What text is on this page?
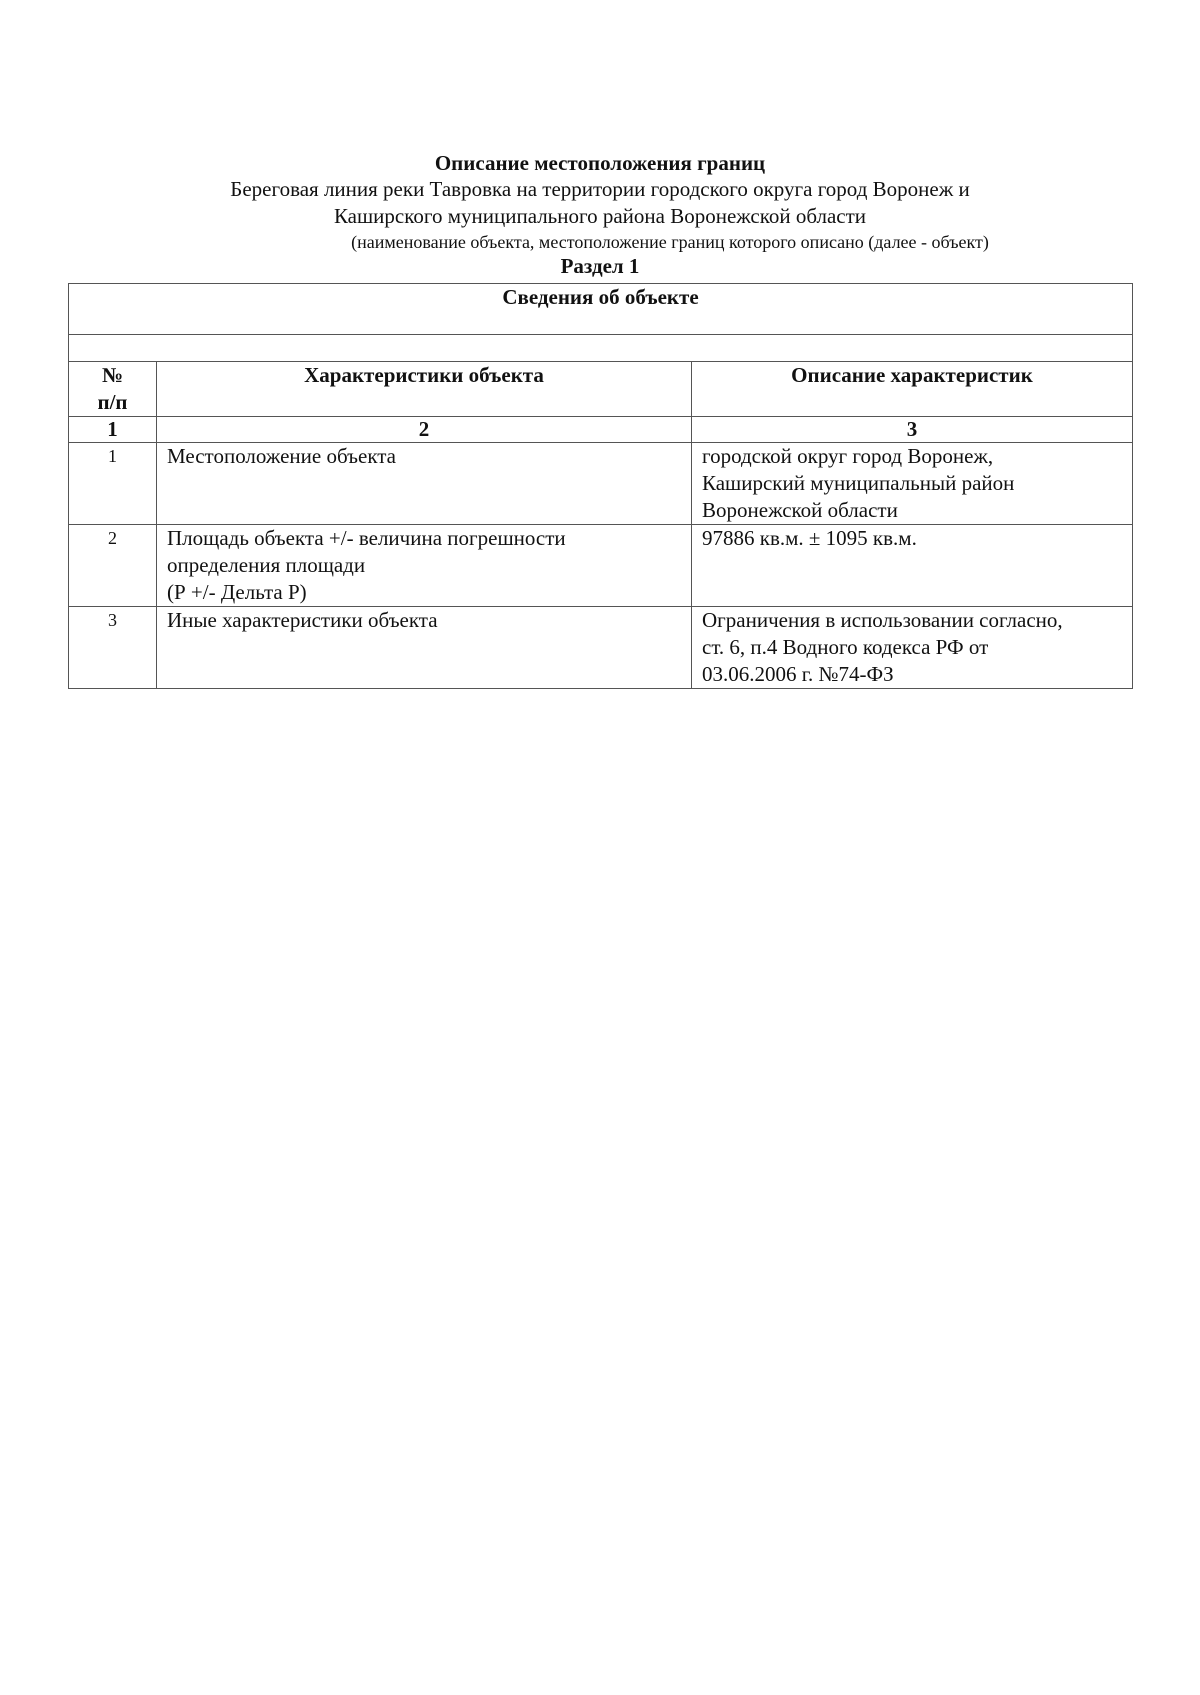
Описание местоположения границ
Береговая линия реки Тавровка на территории городского округа город Воронеж и
Каширского муниципального района Воронежской области
(наименование объекта, местоположение границ которого описано (далее - объект)
Раздел 1
Сведения об объекте		

№
п/п	Характеристики объекта	Описание характеристик
1	2	3
1	Местоположение объекта	городской округ город Воронеж,
Каширский муниципальный район
Воронежской области

2	Площадь объекта +/- величина погрешности
определения площади
(Р +/- Дельта Р)	97886 кв.м. ± 1095 кв.м.

3	Иные характеристики объекта	Ограничения в использовании согласно,
ст. 6, п.4 Водного кодекса РФ от
03.06.2006 г. №74-ФЗ
